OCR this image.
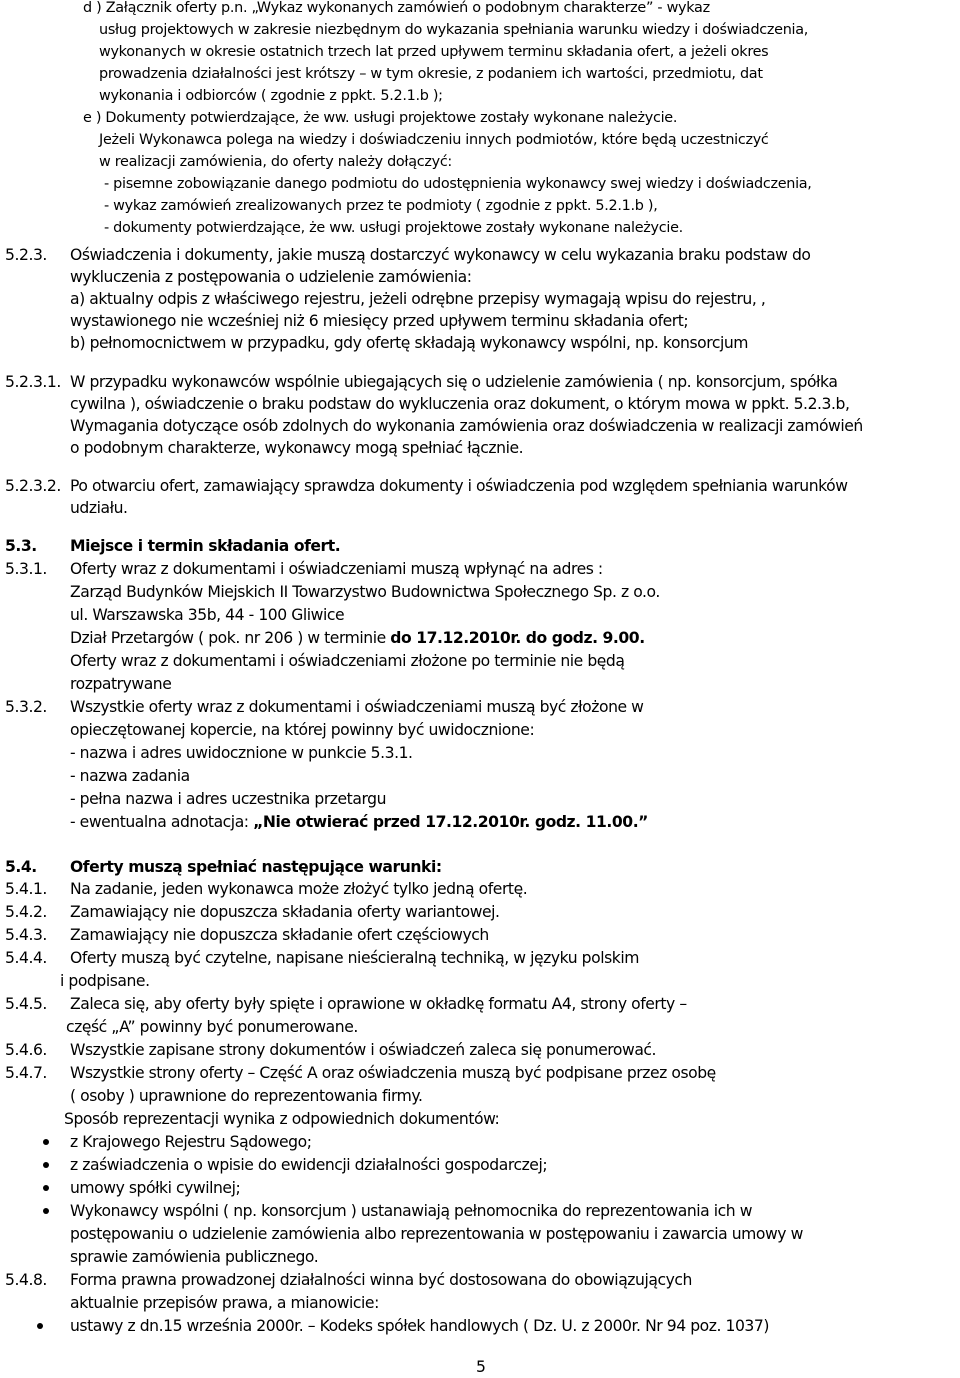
d ) Załącznik oferty p.n. „Wykaz wykonanych zamówień o podobnym charakterze” - wykaz
usług projektowych w zakresie niezbędnym do wykazania spełniania warunku wiedzy i doświadczenia,
wykonanych w okresie ostatnich trzech lat przed upływem terminu składania ofert, a jeżeli okres
prowadzenia działalności jest krótszy – w tym okresie, z podaniem ich wartości, przedmiotu, dat
wykonania i odbiorców ( zgodnie z ppkt. 5.2.1.b );
e ) Dokumenty potwierdzające, że ww. usługi projektowe zostały wykonane należycie.
Jeżeli Wykonawca polega na wiedzy i doświadczeniu innych podmiotów, które będą uczestniczyć
w realizacji zamówienia, do oferty należy dołączyć:
- pisemne zobowiązanie danego podmiotu do udostępnienia wykonawcy swej wiedzy i doświadczenia,
- wykaz zamówień zrealizowanych przez te podmioty ( zgodnie z ppkt. 5.2.1.b ),
- dokumenty potwierdzające, że ww. usługi projektowe zostały wykonane należycie.
5.2.3. Oświadczenia i dokumenty, jakie muszą dostarczyć wykonawcy w celu wykazania braku podstaw do
wykluczenia z postępowania o udzielenie zamówienia:
a) aktualny odpis z właściwego rejestru, jeżeli odrębne przepisy wymagają wpisu do rejestru, ,
wystawionego nie wcześniej niż 6 miesięcy przed upływem terminu składania ofert;
b) pełnomocnictwem w przypadku, gdy ofertę składają wykonawcy wspólni, np. konsorcjum
5.2.3.1. W przypadku wykonawców wspólnie ubiegających się o udzielenie zamówienia ( np. konsorcjum, spółka
cywilna ), oświadczenie o braku podstaw do wykluczenia oraz dokument, o którym mowa w ppkt. 5.2.3.b,
Wymagania dotyczące osób zdolnych do wykonania zamówienia oraz doświadczenia w realizacji zamówień
o podobnym charakterze, wykonawcy mogą spełniać łącznie.
5.2.3.2. Po otwarciu ofert, zamawiający sprawdza dokumenty i oświadczenia pod względem spełniania warunków
udziału.
5.3. Miejsce i termin składania ofert.
5.3.1. Oferty wraz z dokumentami i oświadczeniami muszą wpłynąć na adres :
Zarząd Budynków Miejskich II Towarzystwo Budownictwa Społecznego Sp. z o.o.
ul. Warszawska 35b, 44 - 100 Gliwice
Dział Przetargów ( pok. nr 206 ) w terminie do 17.12.2010r. do godz. 9.00.
Oferty wraz z dokumentami i oświadczeniami złożone po terminie nie będą
rozpatrywane
5.3.2. Wszystkie oferty wraz z dokumentami i oświadczeniami muszą być złożone w
opieczętowanej kopercie, na której powinny być uwidocznione:
- nazwa i adres uwidocznione w punkcie 5.3.1.
- nazwa zadania
- pełna nazwa i adres uczestnika przetargu
- ewentualna adnotacja: „Nie otwierać przed 17.12.2010r. godz. 11.00.”
5.4. Oferty muszą spełniać następujące warunki:
5.4.1. Na zadanie, jeden wykonawca może złożyć tylko jedną ofertę.
5.4.2. Zamawiający nie dopuszcza składania oferty wariantowej.
5.4.3. Zamawiający nie dopuszcza składanie ofert częściowych
5.4.4. Oferty muszą być czytelne, napisane nieścieralną techniką, w języku polskim
i podpisane.
5.4.5. Zaleca się, aby oferty były spięte i oprawione w okładkę formatu A4, strony oferty –
część „A” powinny być ponumerowane.
5.4.6. Wszystkie zapisane strony dokumentów i oświadczeń zaleca się ponumerować.
5.4.7. Wszystkie strony oferty – Część A oraz oświadczenia muszą być podpisane przez osobę
( osoby ) uprawnione do reprezentowania firmy.
Sposób reprezentacji wynika z odpowiednich dokumentów:
z Krajowego Rejestru Sądowego;
z zaświadczenia o wpisie do ewidencji działalności gospodarczej;
umowy spółki cywilnej;
Wykonawcy wspólni ( np. konsorcjum ) ustanawiają pełnomocnika do reprezentowania ich w
postępowaniu o udzielenie zamówienia albo reprezentowania w postępowaniu i zawarcia umowy w
sprawie zamówienia publicznego.
5.4.8. Forma prawna prowadzonej działalności winna być dostosowana do obowiązujących
aktualnie przepisów prawa, a mianowicie:
ustawy z dn.15 września 2000r. – Kodeks spółek handlowych ( Dz. U. z 2000r. Nr 94 poz. 1037)
5
